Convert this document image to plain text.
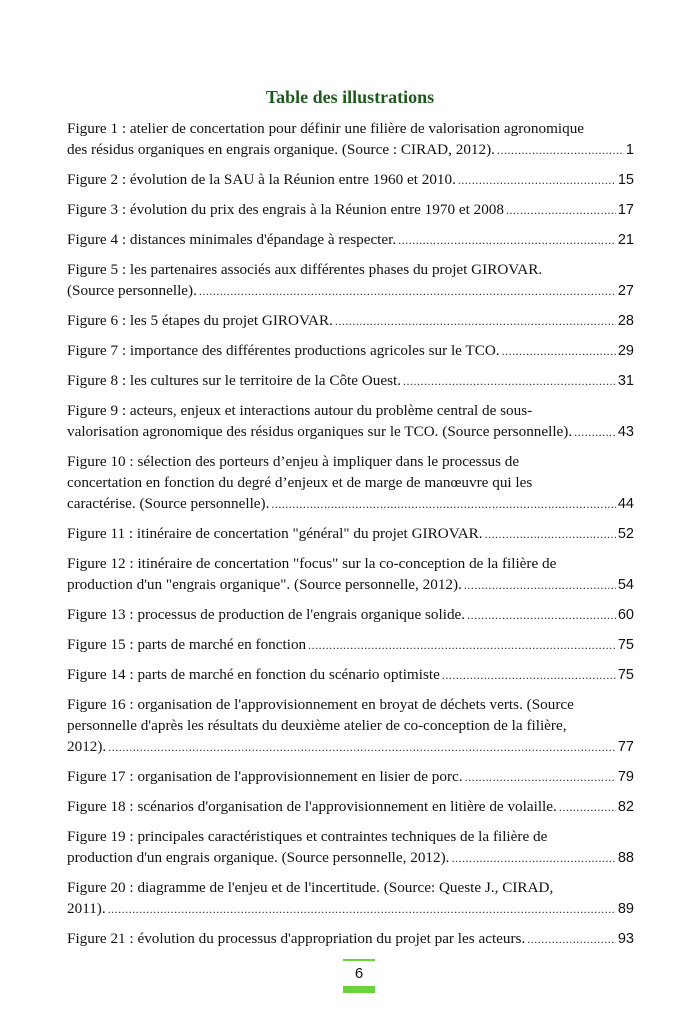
Table des illustrations
Figure 1 : atelier de concertation pour définir une filière de valorisation agronomique
des résidus organiques en engrais organique. (Source : CIRAD, 2012). .....	1
Figure 2 : évolution de la SAU à la Réunion entre 1960 et 2010. .....	15
Figure 3 : évolution du prix des engrais à la Réunion entre 1970 et 2008 .....	17
Figure 4 : distances minimales d'épandage à respecter. .....	21
Figure 5 : les partenaires associés aux différentes phases du projet GIROVAR.
(Source personnelle). .....	27
Figure 6 : les 5 étapes du projet GIROVAR. .....	28
Figure 7 : importance des différentes productions agricoles sur le TCO. .....	29
Figure 8 : les cultures sur le territoire de la Côte Ouest. .....	31
Figure 9 : acteurs, enjeux et interactions autour du problème central de sous-
valorisation agronomique des résidus organiques sur le TCO. (Source personnelle). .....	43
Figure 10 : sélection des porteurs d’enjeu à impliquer dans le processus de
concertation en fonction du degré d’enjeux et de marge de manœuvre qui les
caractérise. (Source personnelle). .....	44
Figure 11 : itinéraire de concertation "général" du projet GIROVAR. .....	52
Figure 12 : itinéraire de concertation "focus" sur la co-conception de la filière de
production d'un "engrais organique". (Source personnelle, 2012). .....	54
Figure 13 : processus de production de l'engrais organique solide. .....	60
Figure 15 : parts de marché en fonction .....	75
Figure 14 : parts de marché en fonction du scénario optimiste .....	75
Figure 16 : organisation de l'approvisionnement en broyat de déchets verts. (Source
personnelle d'après les résultats du deuxième atelier de co-conception de la filière,
2012). .....	77
Figure 17 : organisation de l'approvisionnement en lisier de porc. .....	79
Figure 18 : scénarios d'organisation de l'approvisionnement en litière de volaille. .....	82
Figure 19 : principales caractéristiques et contraintes techniques de la filière de
production d'un engrais organique. (Source personnelle, 2012). .....	88
Figure 20 : diagramme de l'enjeu et de l'incertitude. (Source: Queste J., CIRAD,
2011). .....	89
Figure 21 : évolution du processus d'appropriation du projet par les acteurs. .....	93
6
